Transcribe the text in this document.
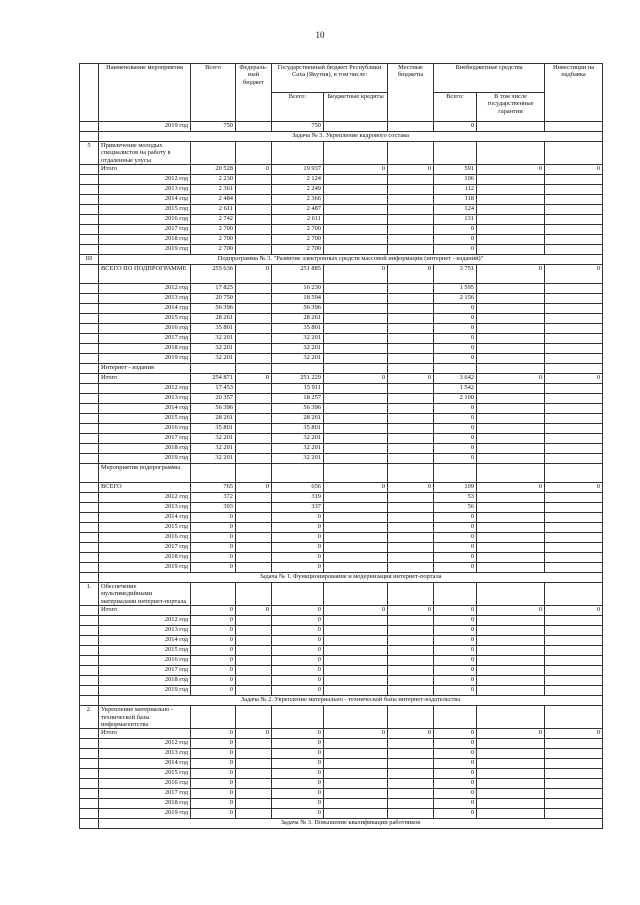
10
	Наименование мероприятия	Всего	Федераль-ный бюджет	Государственный бюджет Республики Саха (Якутия), в том числе:		Местные бюджеты	Внебюджетные средства		Инвестиции на надбавка
				Всего:	Бюджетные кредиты		Всего:	В том числе государственные гарантии	
	2019 год	750		750			0		
	Задача № 3. Укрепление кадрового состава								
5	Привлечение молодых специалистов на работу в отдаленные улусы								
	Итого	20 528	0	19 937	0	0	591	0	0
	2012 год	2 230		2 124			106		
	2013 год	2 361		2 249			112		
	2014 год	2 484		2 366			118		
	2015 год	2 611		2 487			124		
	2016 год	2 742		2 611			131		
	2017 год	2 700		2 700			0		
	2018 год	2 700		2 700			0		
	2019 год	2 700		2 700			0		
III	Подпрограмма № 3. "Развитие электронных средств массовой информации (интернет - изданий)"								
	ВСЕГО ПО ПОДПРОГРАММЕ	255 636	0	251 885	0	0	3 751	0	0
	2012 год	17 825		16 230			1 595		
	2013 год	20 750		18 594			2 156		
	2014 год	56 396		56 396			0		
	2015 год	28 261		28 261			0		
	2016 год	35 801		35 801			0		
	2017 год	32 201		32 201			0		
	2018 год	32 201		32 201			0		
	2019 год	32 201		32 201			0		
	Интернет - издания								
	Итого	254 871	0	251 229	0	0	3 642	0	0
	2012 год	17 453		15 911			1 542		
	2013 год	20 357		18 257			2 100		
	2014 год	56 396		56 396			0		
	2015 год	28 261		28 261			0		
	2016 год	35 801		35 801			0		
	2017 год	32 201		32 201			0		
	2018 год	32 201		32 201			0		
	2019 год	32 201		32 201			0		
	Мероприятия подпрограммы								
	ВСЕГО	765	0	656	0	0	109	0	0
	2012 год	372		319			53		
	2013 год	393		337			56		
	2014 год	0		0			0		
	2015 год	0		0			0		
	2016 год	0		0			0		
	2017 год	0		0			0		
	2018 год	0		0			0		
	2019 год	0		0			0		
	Задача № 1. Функционирование и модернизация интернет-портала								
1.	Обеспечение мультимедийными материалами интернет-портала								
	Итого	0	0	0	0	0	0	0	0
	2012 год	0		0			0		
	2013 год	0		0			0		
	2014 год	0		0			0		
	2015 год	0		0			0		
	2016 год	0		0			0		
	2017 год	0		0			0		
	2018 год	0		0			0		
	2019 год	0		0			0		
	Задача № 2. Укрепление материально - технической базы интернет-издательства								
2.	Укрепление материально - технической базы информагентства								
	Итого	0	0	0	0	0	0	0	0
	2012 год	0		0			0		
	2013 год	0		0			0		
	2014 год	0		0			0		
	2015 год	0		0			0		
	2016 год	0		0			0		
	2017 год	0		0			0		
	2018 год	0		0			0		
	2019 год	0		0			0		
	Задача № 3. Повышение квалификации работников								
